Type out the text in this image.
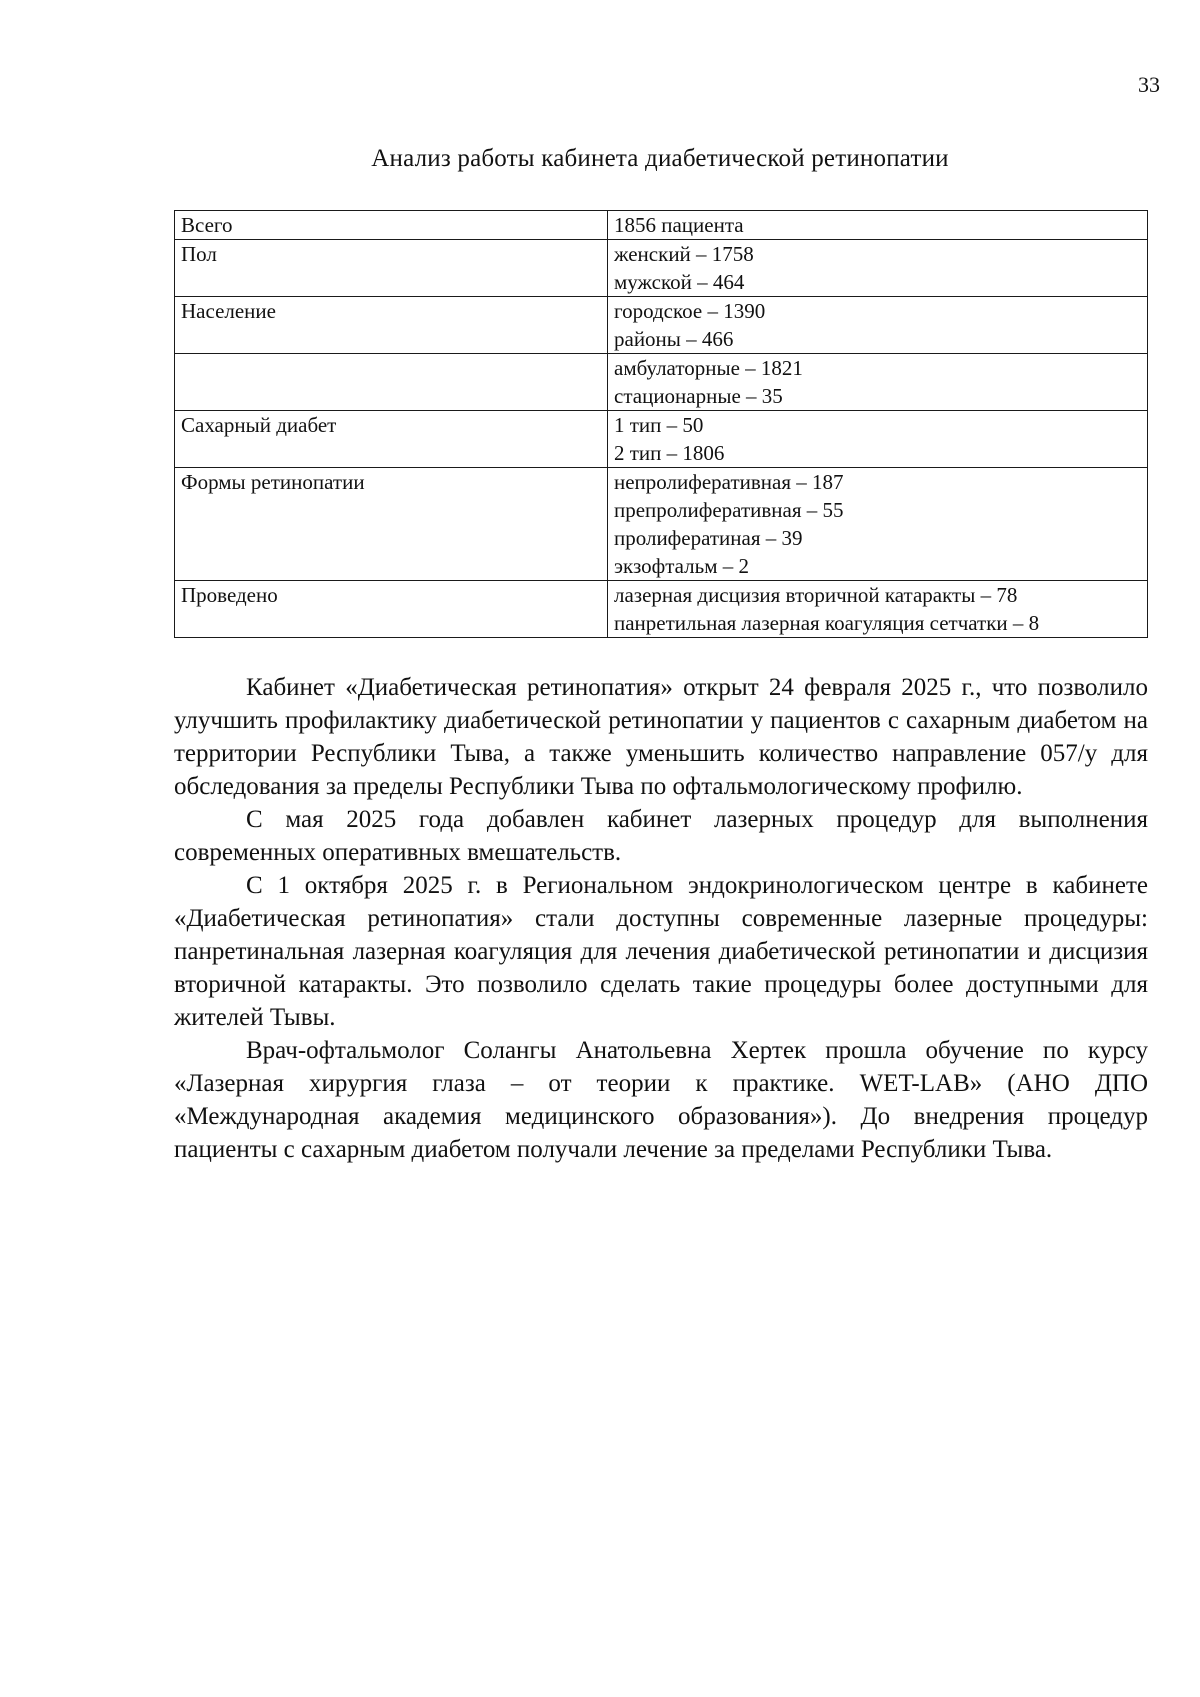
33
Анализ работы кабинета диабетической ретинопатии
Всего	1856 пациента

Пол	женский – 1758
мужской – 464

Население	городское – 1390
районы – 466

	амбулаторные – 1821
стационарные – 35

Сахарный диабет	1 тип – 50
2 тип – 1806

Формы ретинопатии	непролиферативная – 187
препролиферативная – 55
пролифератиная – 39
экзофтальм – 2

Проведено	лазерная дисцизия вторичной катаракты – 78
панретильная лазерная коагуляция сетчатки – 8

Кабинет «Диабетическая ретинопатия» открыт 24 февраля 2025 г., что позволило улучшить профилактику диабетической ретинопатии у пациентов с сахарным диабетом на территории Республики Тыва, а также уменьшить количество направление 057/у для обследования за пределы Республики Тыва по офтальмологическому профилю.

С мая 2025 года добавлен кабинет лазерных процедур для выполнения современных оперативных вмешательств.

С 1 октября 2025 г. в Региональном эндокринологическом центре в кабинете «Диабетическая ретинопатия» стали доступны современные лазерные процедуры: панретинальная лазерная коагуляция для лечения диабетической ретинопатии и дисцизия вторичной катаракты. Это позволило сделать такие процедуры более доступными для жителей Тывы.

Врач-офтальмолог Солангы Анатольевна Хертек прошла обучение по курсу «Лазерная хирургия глаза – от теории к практике. WET-LAB» (АНО ДПО «Международная академия медицинского образования»). До внедрения процедур пациенты с сахарным диабетом получали лечение за пределами Республики Тыва.
